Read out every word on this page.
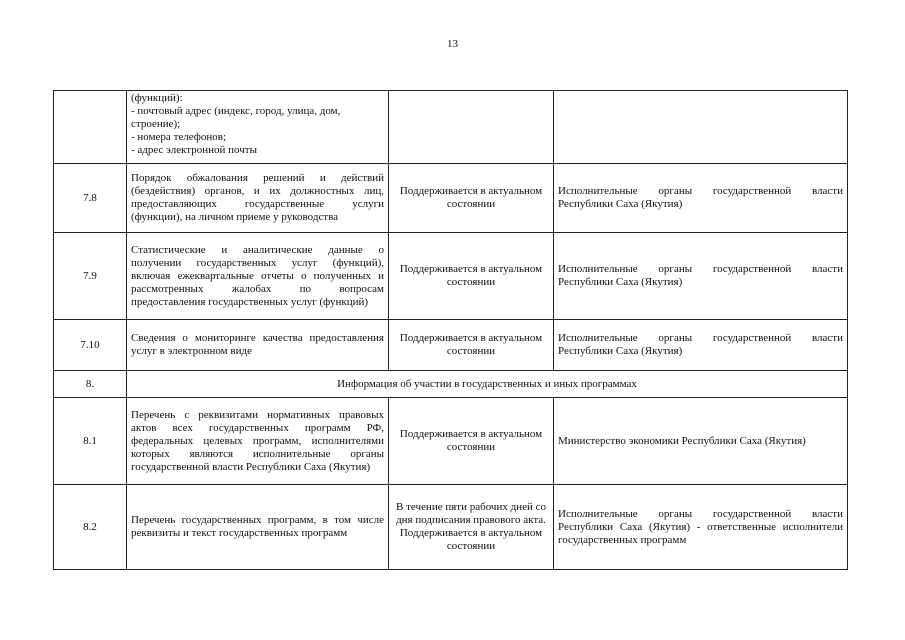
13

	(функций):
- почтовый адрес (индекс, город, улица, дом, строение);
- номера телефонов;
- адрес электронной почты		

7.8	Порядок обжалования решений и действий (бездействия) органов, и их должностных лиц, предоставляющих государственные услуги (функции), на личном приеме у руководства	Поддерживается в актуальном состоянии	Исполнительные органы государственной власти Республики Саха (Якутия)
7.9	Статистические и аналитические данные о получении государственных услуг (функций), включая ежеквартальные отчеты о полученных и рассмотренных жалобах по вопросам предоставления государственных услуг (функций)	Поддерживается в актуальном состоянии	Исполнительные органы государственной власти Республики Саха (Якутия)
7.10	Сведения о мониторинге качества предоставления услуг в электронном виде	Поддерживается в актуальном состоянии	Исполнительные органы государственной власти Республики Саха (Якутия)
8.	Информация об участии в государственных и иных программах		
8.1	Перечень с реквизитами нормативных правовых актов всех государственных программ РФ, федеральных целевых программ, исполнителями которых являются исполнительные органы государственной власти Республики Саха (Якутия)	Поддерживается в актуальном состоянии	Министерство экономики Республики Саха (Якутия)
8.2	Перечень государственных программ, в том числе реквизиты и текст государственных программ	В течение пяти рабочих дней со дня подписания правового акта. Поддерживается в актуальном состоянии	Исполнительные органы государственной власти Республики Саха (Якутия) - ответственные исполнители государственных программ
